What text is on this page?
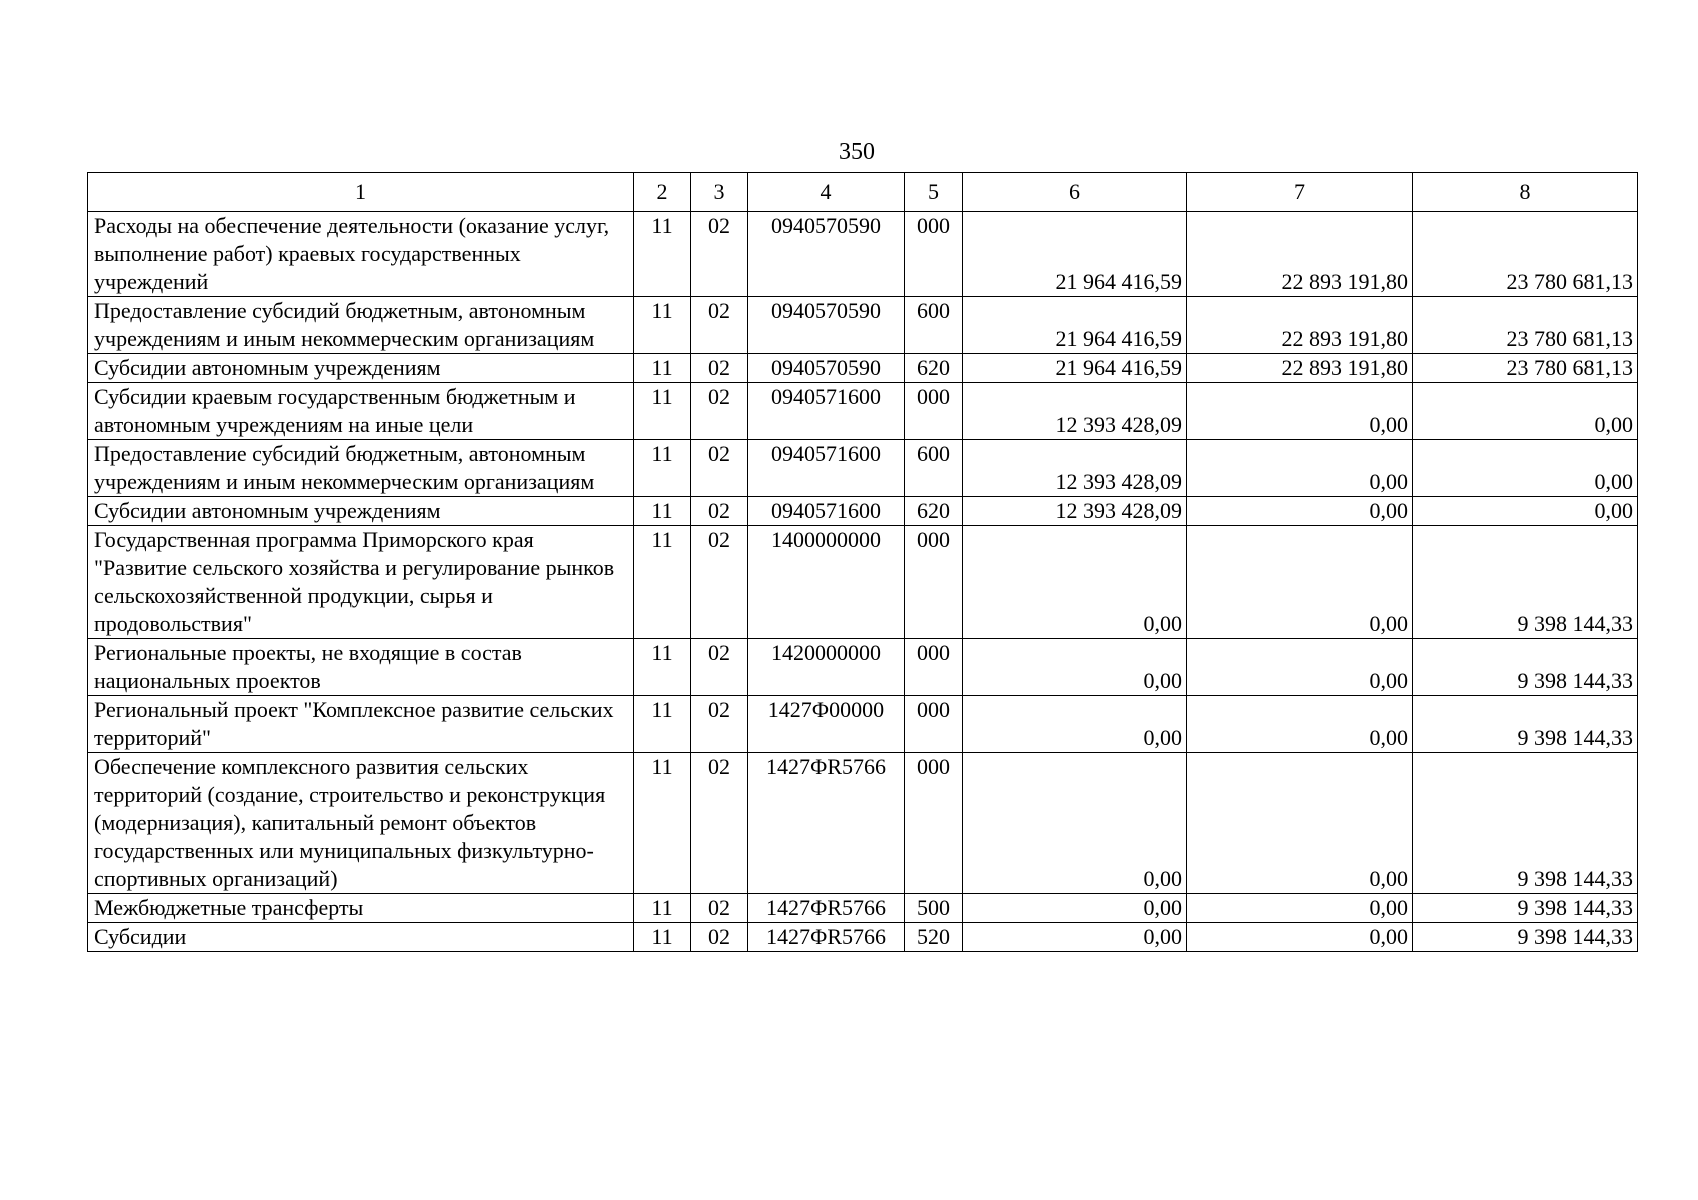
350
1	2	3	4	5	6	7	8
Расходы на обеспечение деятельности (оказание услуг, выполнение работ) краевых государственных учреждений	11	02	0940570590	000	21 964 416,59	22 893 191,80	23 780 681,13
Предоставление субсидий бюджетным, автономным учреждениям и иным некоммерческим организациям	11	02	0940570590	600	21 964 416,59	22 893 191,80	23 780 681,13
Субсидии автономным учреждениям	11	02	0940570590	620	21 964 416,59	22 893 191,80	23 780 681,13
Субсидии краевым государственным бюджетным и автономным учреждениям на иные цели	11	02	0940571600	000	12 393 428,09	0,00	0,00
Предоставление субсидий бюджетным, автономным учреждениям и иным некоммерческим организациям	11	02	0940571600	600	12 393 428,09	0,00	0,00
Субсидии автономным учреждениям	11	02	0940571600	620	12 393 428,09	0,00	0,00
Государственная программа Приморского края "Развитие сельского хозяйства и регулирование рынков сельскохозяйственной продукции, сырья и продовольствия"	11	02	1400000000	000	0,00	0,00	9 398 144,33
Региональные проекты, не входящие в состав национальных проектов	11	02	1420000000	000	0,00	0,00	9 398 144,33
Региональный проект "Комплексное развитие сельских территорий"	11	02	1427Ф00000	000	0,00	0,00	9 398 144,33
Обеспечение комплексного развития сельских территорий (создание, строительство и реконструкция (модернизация), капитальный ремонт объектов государственных или муниципальных физкультурно-спортивных организаций)	11	02	1427ФR5766	000	0,00	0,00	9 398 144,33
Межбюджетные трансферты	11	02	1427ФR5766	500	0,00	0,00	9 398 144,33
Субсидии	11	02	1427ФR5766	520	0,00	0,00	9 398 144,33
